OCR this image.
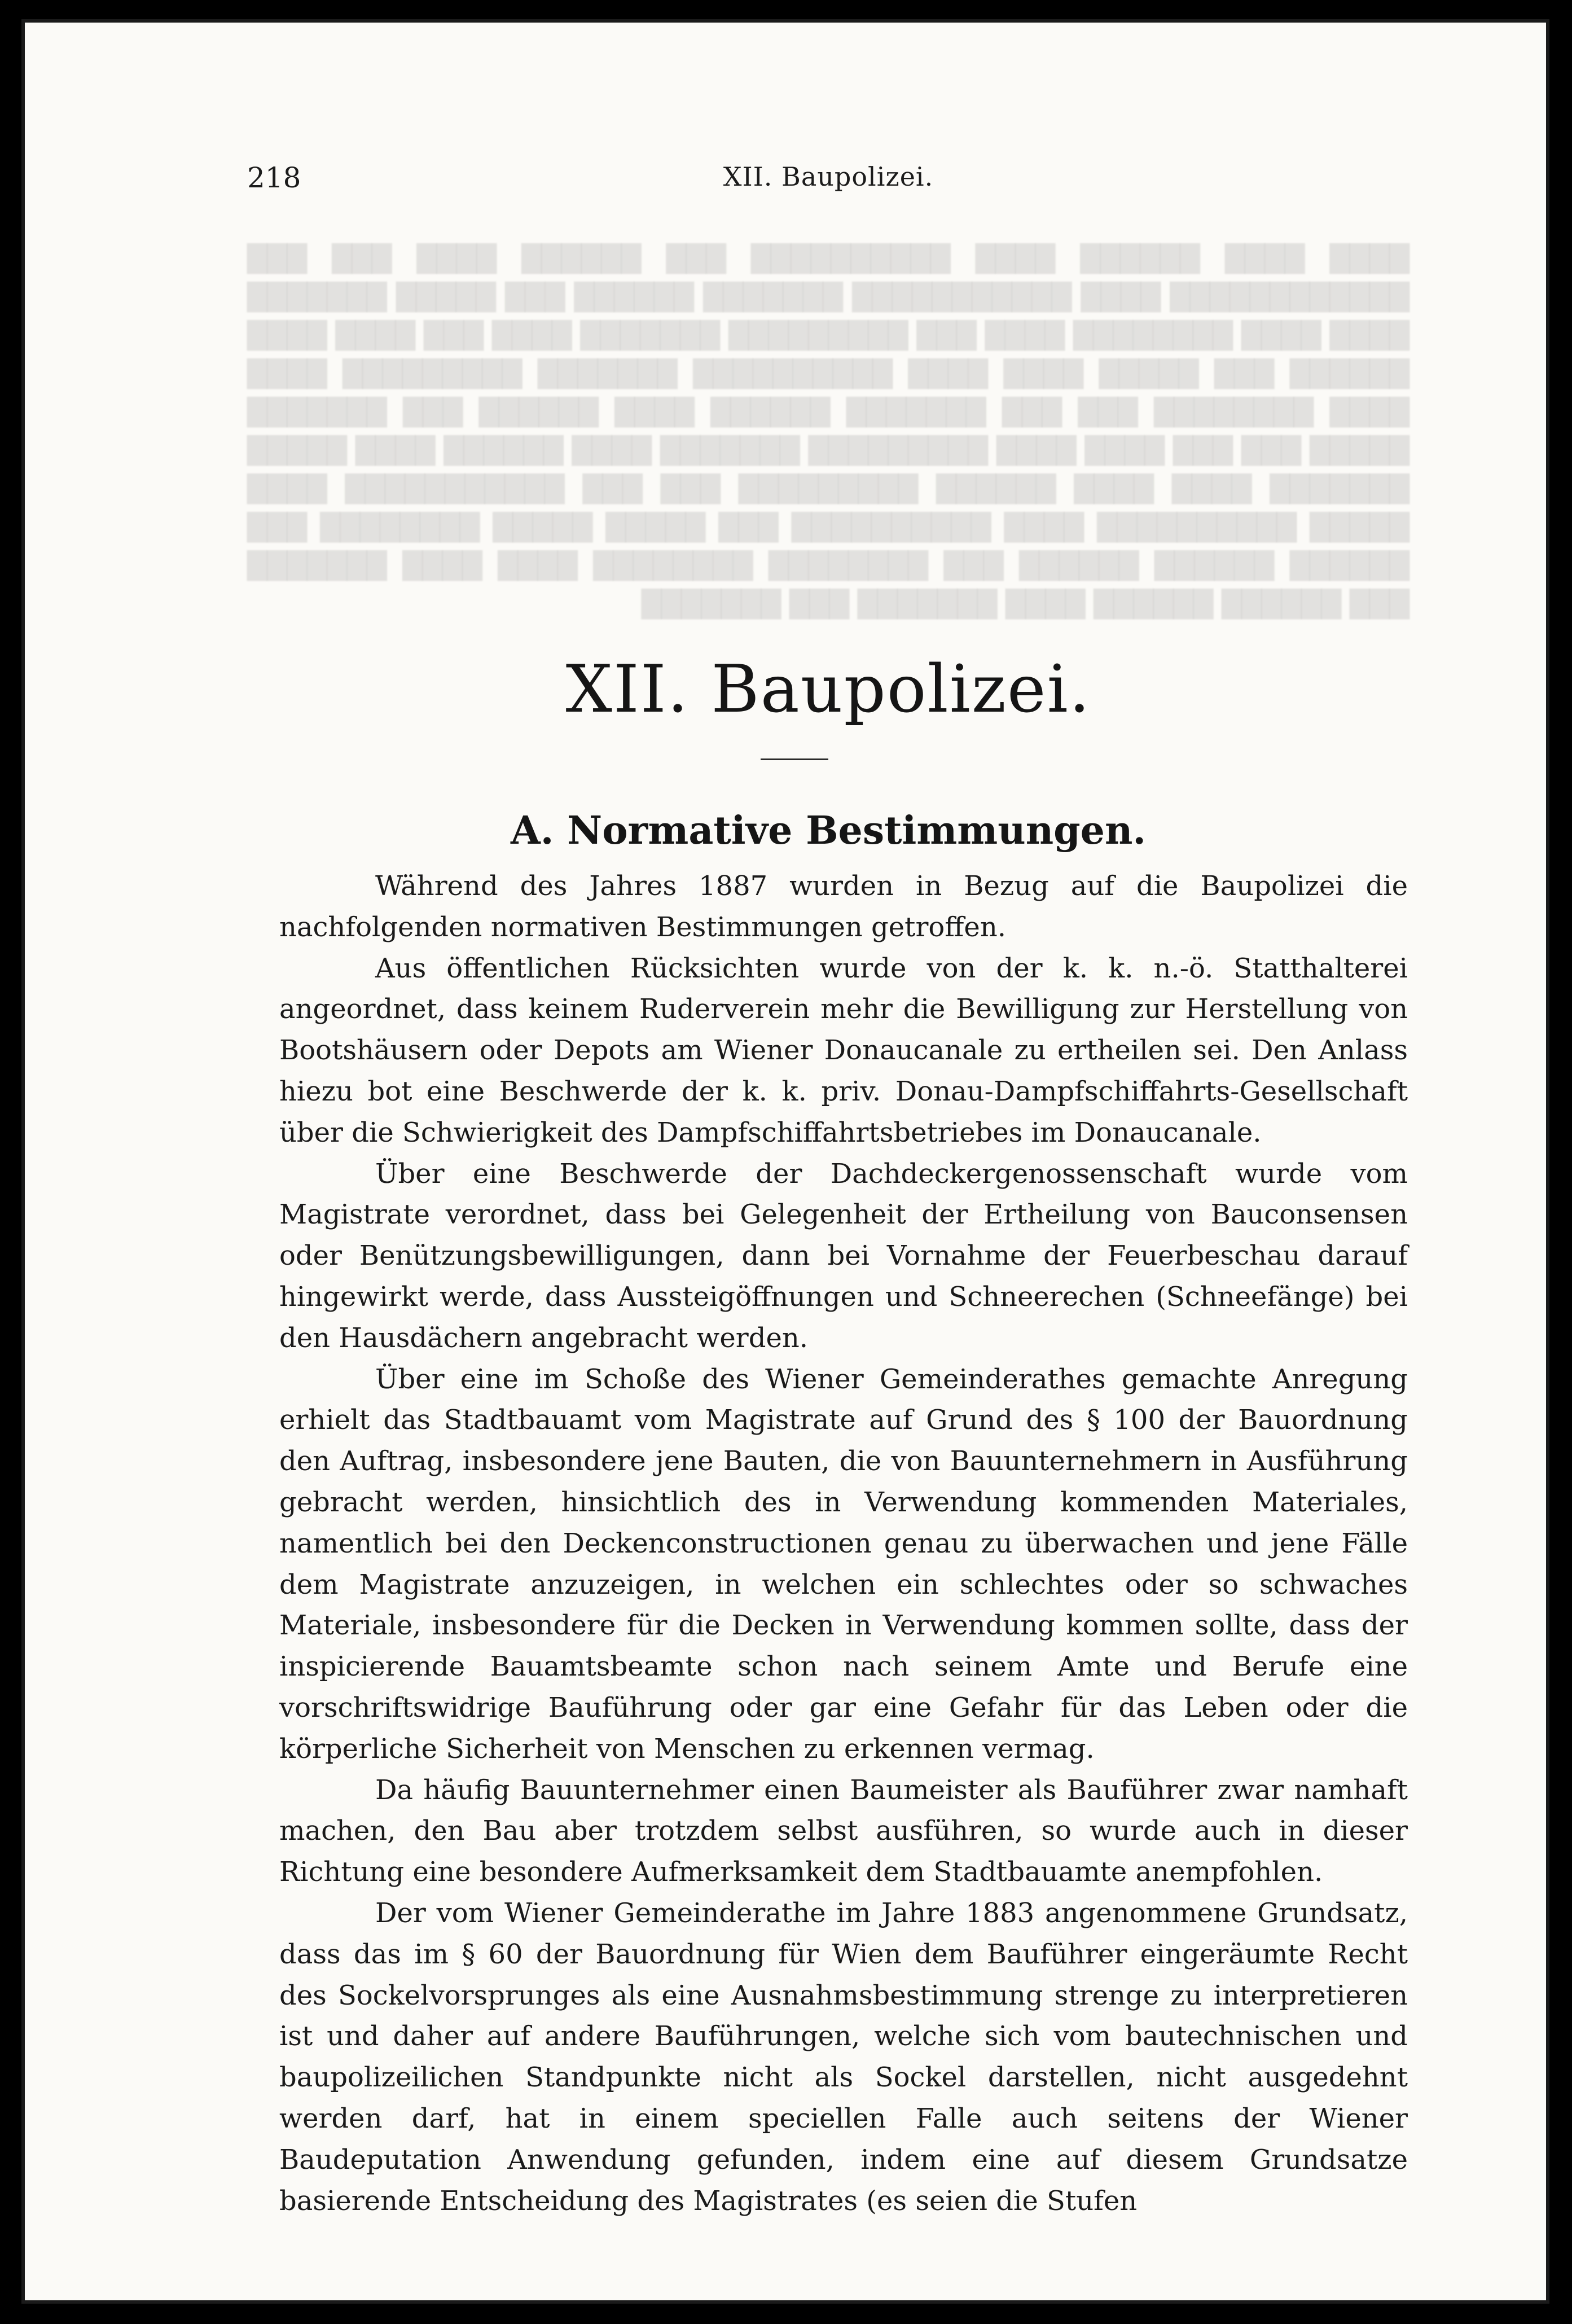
218	XII. Baupolizei.
████ ████ ██████ ████ ██████████ ███ ██████ ████ ███ ███ ████████████ ████ ███████████ ███████ ██████ ███ █████ ███████ ████ ████ ████████ ████ ███ █████████ ███████ ████ ███ ████ ████ ██████ ███ █████ ████ ████ ██████████ ███████ █████████ ████ ████ ████████ ███ ███ ███████ ██████ ████ ██████ ███ ███████ █████ ███ ███ ████ ████ █████████ ███████ ████ ██████ ████ █████ ███████ ████ ████ ██████ █████████ ███ ███ ███████████ ████ █████ ██████████ ████ ██████████ ███ █████ █████ ████████ ███ ██████ ██████ ██████ ███ ████████ ████████ ████ ████ ███████ ███ ██████ ██████ ████ ███████ ███ ███████
XII. Baupolizei.
A. Normative Bestimmungen.

Während des Jahres 1887 wurden in Bezug auf die Baupolizei die nachfolgenden normativen Bestimmungen getroffen.

Aus öffentlichen Rücksichten wurde von der k. k. n.-ö. Statthalterei angeordnet, dass keinem Ruderverein mehr die Bewilligung zur Herstellung von Bootshäusern oder Depots am Wiener Donaucanale zu ertheilen sei. Den Anlass hiezu bot eine Beschwerde der k. k. priv. Donau-Dampfschiffahrts-Gesellschaft über die Schwierigkeit des Dampfschiffahrtsbetriebes im Donaucanale.

Über eine Beschwerde der Dachdeckergenossenschaft wurde vom Magistrate verordnet, dass bei Gelegenheit der Ertheilung von Bauconsensen oder Benützungsbewilligungen, dann bei Vornahme der Feuerbeschau darauf hingewirkt werde, dass Aussteigöffnungen und Schneerechen (Schneefänge) bei den Hausdächern angebracht werden.

Über eine im Schoße des Wiener Gemeinderathes gemachte Anregung erhielt das Stadtbauamt vom Magistrate auf Grund des § 100 der Bauordnung den Auftrag, insbesondere jene Bauten, die von Bauunternehmern in Ausführung gebracht werden, hinsichtlich des in Verwendung kommenden Materiales, namentlich bei den Deckenconstructionen genau zu überwachen und jene Fälle dem Magistrate anzuzeigen, in welchen ein schlechtes oder so schwaches Materiale, insbesondere für die Decken in Verwendung kommen sollte, dass der inspicierende Bauamtsbeamte schon nach seinem Amte und Berufe eine vorschriftswidrige Bauführung oder gar eine Gefahr für das Leben oder die körperliche Sicherheit von Menschen zu erkennen vermag.

Da häufig Bauunternehmer einen Baumeister als Bauführer zwar namhaft machen, den Bau aber trotzdem selbst ausführen, so wurde auch in dieser Richtung eine besondere Aufmerksamkeit dem Stadtbauamte anempfohlen.

Der vom Wiener Gemeinderathe im Jahre 1883 angenommene Grundsatz, dass das im § 60 der Bauordnung für Wien dem Bauführer eingeräumte Recht des Sockelvorsprunges als eine Ausnahmsbestimmung strenge zu interpretieren ist und daher auf andere Bauführungen, welche sich vom bautechnischen und baupolizeilichen Standpunkte nicht als Sockel darstellen, nicht ausgedehnt werden darf, hat in einem speciellen Falle auch seitens der Wiener Baudeputation Anwendung gefunden, indem eine auf diesem Grundsatze basierende Entscheidung des Magistrates (es seien die Stufen
